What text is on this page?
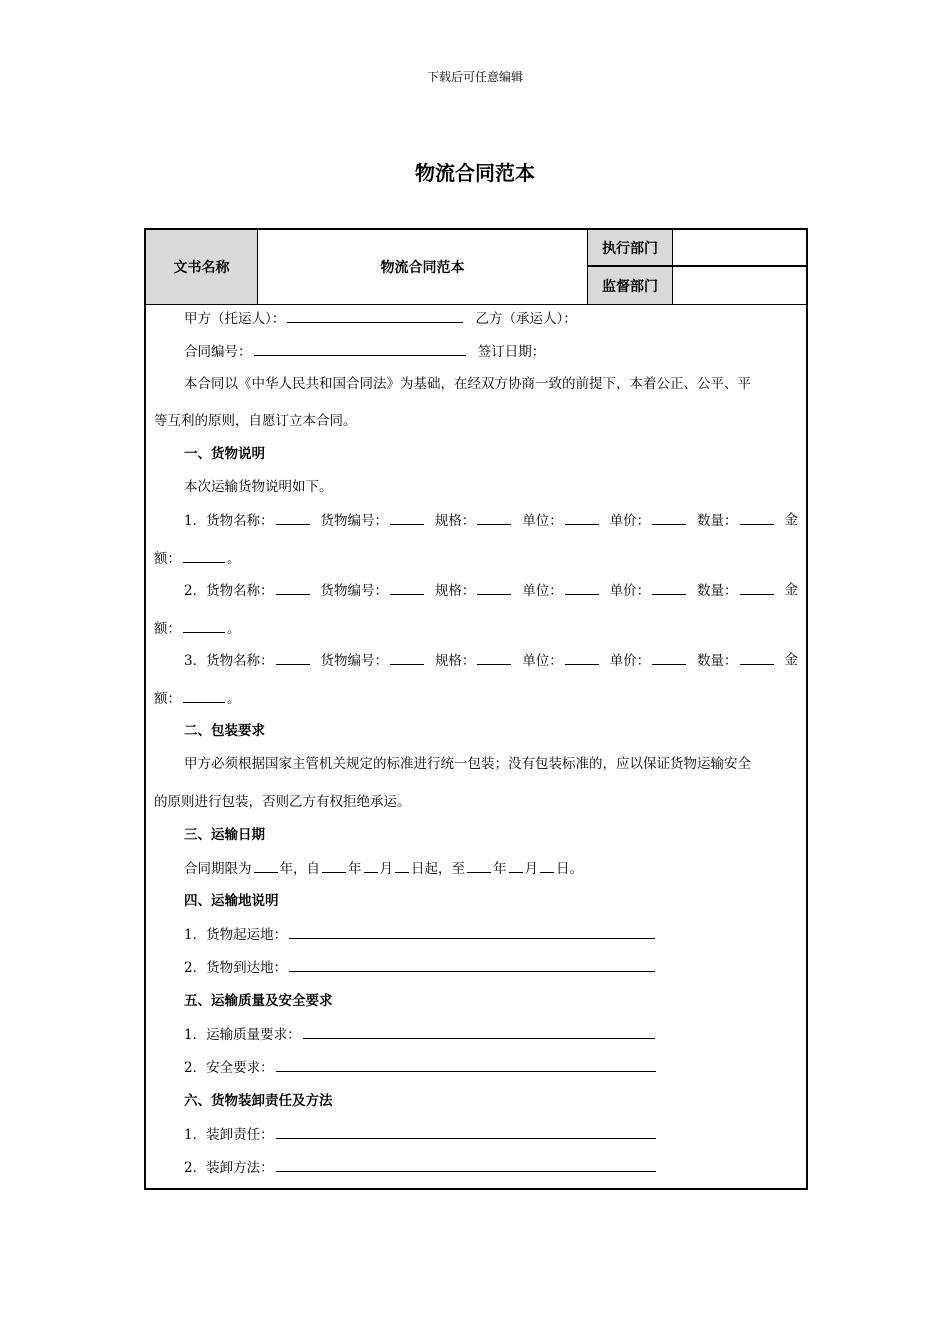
下载后可任意编辑
物流合同范本
文书名称	物流合同范本
执行部门
监督部门
甲方（托运人）：	乙方（承运人）：
合同编号：	签订日期：
本合同以《中华人民共和国合同法》为基础，在经双方协商一致的前提下，本着公正、公平、平
等互利的原则，自愿订立本合同。
一、货物说明
本次运输货物说明如下。
二、包装要求
甲方必须根据国家主管机关规定的标准进行统一包装；没有包装标准的，应以保证货物运输安全
的原则进行包装，否则乙方有权拒绝承运。
三、运输日期
合同期限为 年，自 年 月 日起，至 年 月 日。
四、运输地说明
1．货物起运地：
2．货物到达地：
五、运输质量及安全要求
1．运输质量要求：
2．安全要求：
六、货物装卸责任及方法
1．装卸责任：
2．装卸方法：
1．货物名称：	货物编号：	规格：	单位：	单价：	数量：	金
额：	。
2．货物名称：	货物编号：	规格：	单位：	单价：	数量：	金
额：	。
3．货物名称：	货物编号：	规格：	单位：	单价：	数量：	金
额：	。
